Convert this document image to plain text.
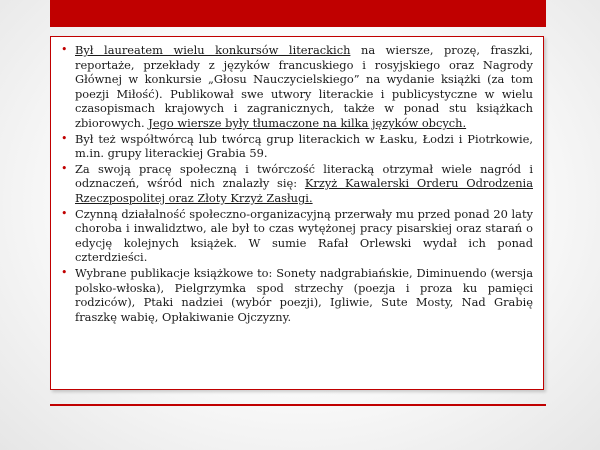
• Był laureatem wielu konkursów literackich na wiersze, prozę, fraszki, reportaże, przekłady z języków francuskiego i rosyjskiego oraz Nagrody Głównej w konkursie „Głosu Nauczycielskiego” na wydanie książki (za tom poezji Miłość). Publikował swe utwory literackie i publicystyczne w wielu czasopismach krajowych i zagranicznych, także w ponad stu książkach zbiorowych. Jego wiersze były tłumaczone na kilka języków obcych.
• Był też współtwórcą lub twórcą grup literackich w Łasku, Łodzi i Piotrkowie, m.in. grupy literackiej Grabia 59.
• Za swoją pracę społeczną i twórczość literacką otrzymał wiele nagród i odznaczeń, wśród nich znalazły się: Krzyż Kawalerski Orderu Odrodzenia Rzeczpospolitej oraz Złoty Krzyż Zasługi.
• Czynną działalność społeczno-organizacyjną przerwały mu przed ponad 20 laty choroba i inwalidztwo, ale był to czas wytężonej pracy pisarskiej oraz starań o edycję kolejnych książek. W sumie Rafał Orlewski wydał ich ponad czterdzieści.
• Wybrane publikacje książkowe to: Sonety nadgrabiańskie, Diminuendo (wersja polsko-włoska), Pielgrzymka spod strzechy (poezja i proza ku pamięci rodziców), Ptaki nadziei (wybór poezji), Igliwie, Sute Mosty, Nad Grabię fraszkę wabię, Opłakiwanie Ojczyzny.
